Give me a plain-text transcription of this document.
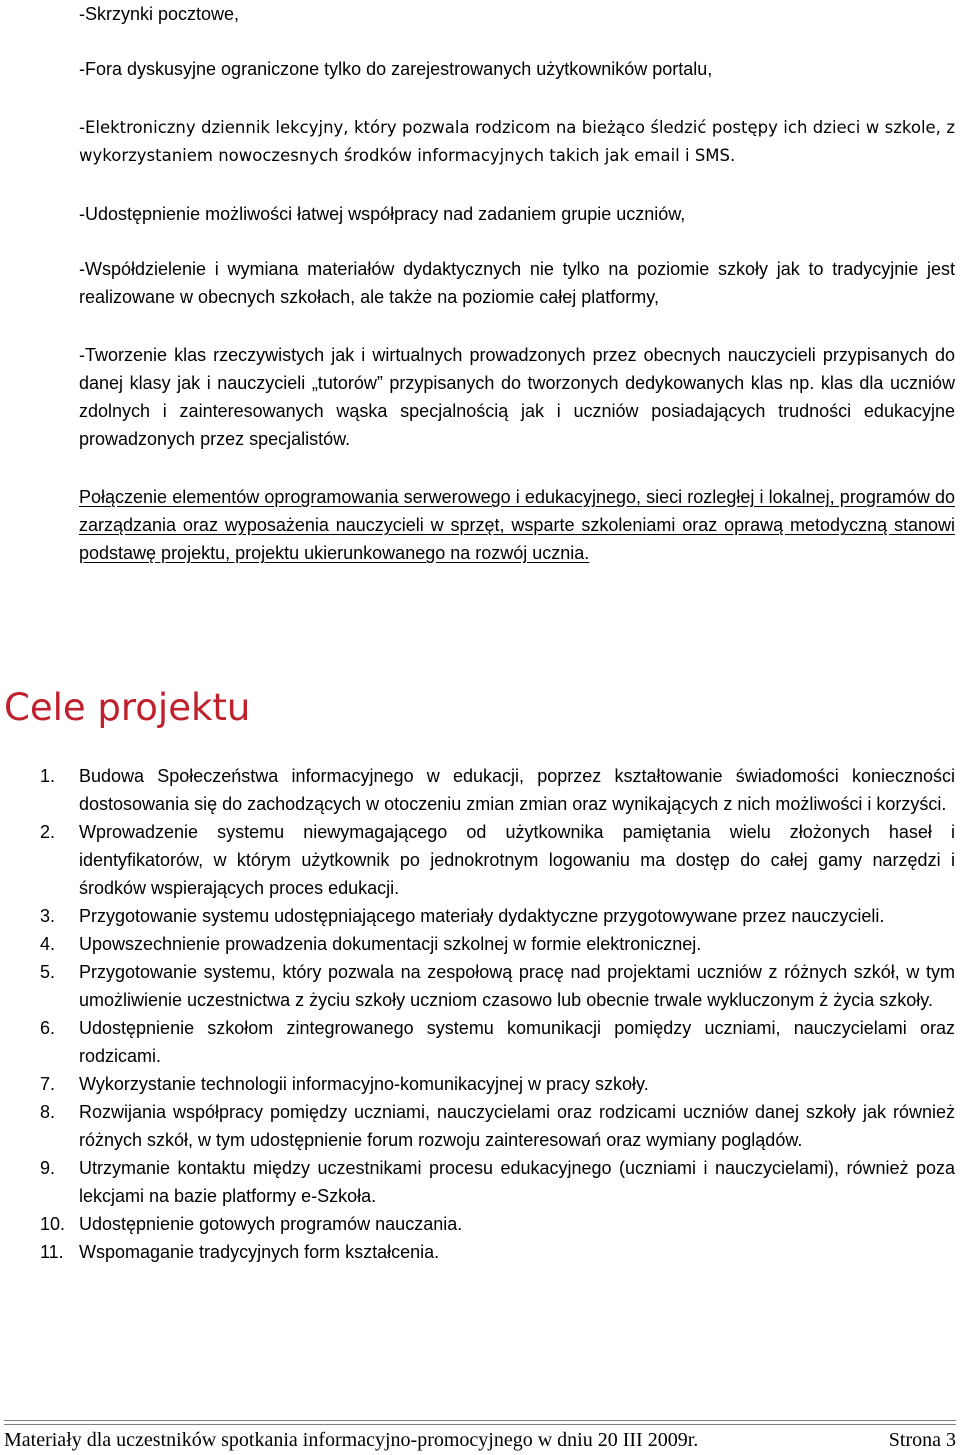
-Skrzynki pocztowe,

-Fora dyskusyjne ograniczone tylko do zarejestrowanych użytkowników portalu,

-Elektroniczny dziennik lekcyjny, który pozwala rodzicom na bieżąco śledzić postępy ich dzieci w szkole, z wykorzystaniem nowoczesnych środków informacyjnych takich jak email i SMS.

-Udostępnienie możliwości łatwej współpracy nad zadaniem grupie uczniów,

-Współdzielenie i wymiana materiałów dydaktycznych nie tylko na poziomie szkoły jak to tradycyjnie jest realizowane w obecnych szkołach, ale także na poziomie całej platformy,

-Tworzenie klas rzeczywistych jak i wirtualnych prowadzonych przez obecnych nauczycieli przypisanych do danej klasy jak i nauczycieli „tutorów” przypisanych do tworzonych dedykowanych klas np. klas dla uczniów zdolnych i zainteresowanych wąska specjalnością jak i uczniów posiadających trudności edukacyjne prowadzonych przez specjalistów.

Połączenie elementów oprogramowania serwerowego i edukacyjnego, sieci rozległej i lokalnej, programów do zarządzania oraz wyposażenia nauczycieli w sprzęt, wsparte szkoleniami oraz oprawą metodyczną stanowi podstawę projektu, projektu ukierunkowanego na rozwój ucznia.

Cele projektu
1.	Budowa Społeczeństwa informacyjnego w edukacji, poprzez kształtowanie świadomości konieczności dostosowania się do zachodzących w otoczeniu zmian zmian oraz wynikających z nich możliwości i korzyści.
2.	Wprowadzenie systemu niewymagającego od użytkownika pamiętania wielu złożonych haseł i identyfikatorów, w którym użytkownik po jednokrotnym logowaniu ma dostęp do całej gamy narzędzi i środków wspierających proces edukacji.
3.	Przygotowanie systemu udostępniającego materiały dydaktyczne przygotowywane przez nauczycieli.
4.	Upowszechnienie prowadzenia dokumentacji szkolnej w formie elektronicznej.
5.	Przygotowanie systemu, który pozwala na zespołową pracę nad projektami uczniów z różnych szkół, w tym umożliwienie uczestnictwa z życiu szkoły uczniom czasowo lub obecnie trwale wykluczonym ż życia szkoły.
6.	Udostępnienie szkołom zintegrowanego systemu komunikacji pomiędzy uczniami, nauczycielami oraz rodzicami.
7.	Wykorzystanie technologii informacyjno-komunikacyjnej w pracy szkoły.
8.	Rozwijania współpracy pomiędzy uczniami, nauczycielami oraz rodzicami uczniów danej szkoły jak również różnych szkół, w tym udostępnienie forum rozwoju zainteresowań oraz wymiany poglądów.
9.	Utrzymanie kontaktu między uczestnikami procesu edukacyjnego (uczniami i nauczycielami), również poza lekcjami na bazie platformy e-Szkoła.
10. Udostępnienie gotowych programów nauczania.
11. Wspomaganie tradycyjnych form kształcenia.
Materiały dla uczestników spotkania informacyjno-promocyjnego w dniu 20 III 2009r.	Strona 3
